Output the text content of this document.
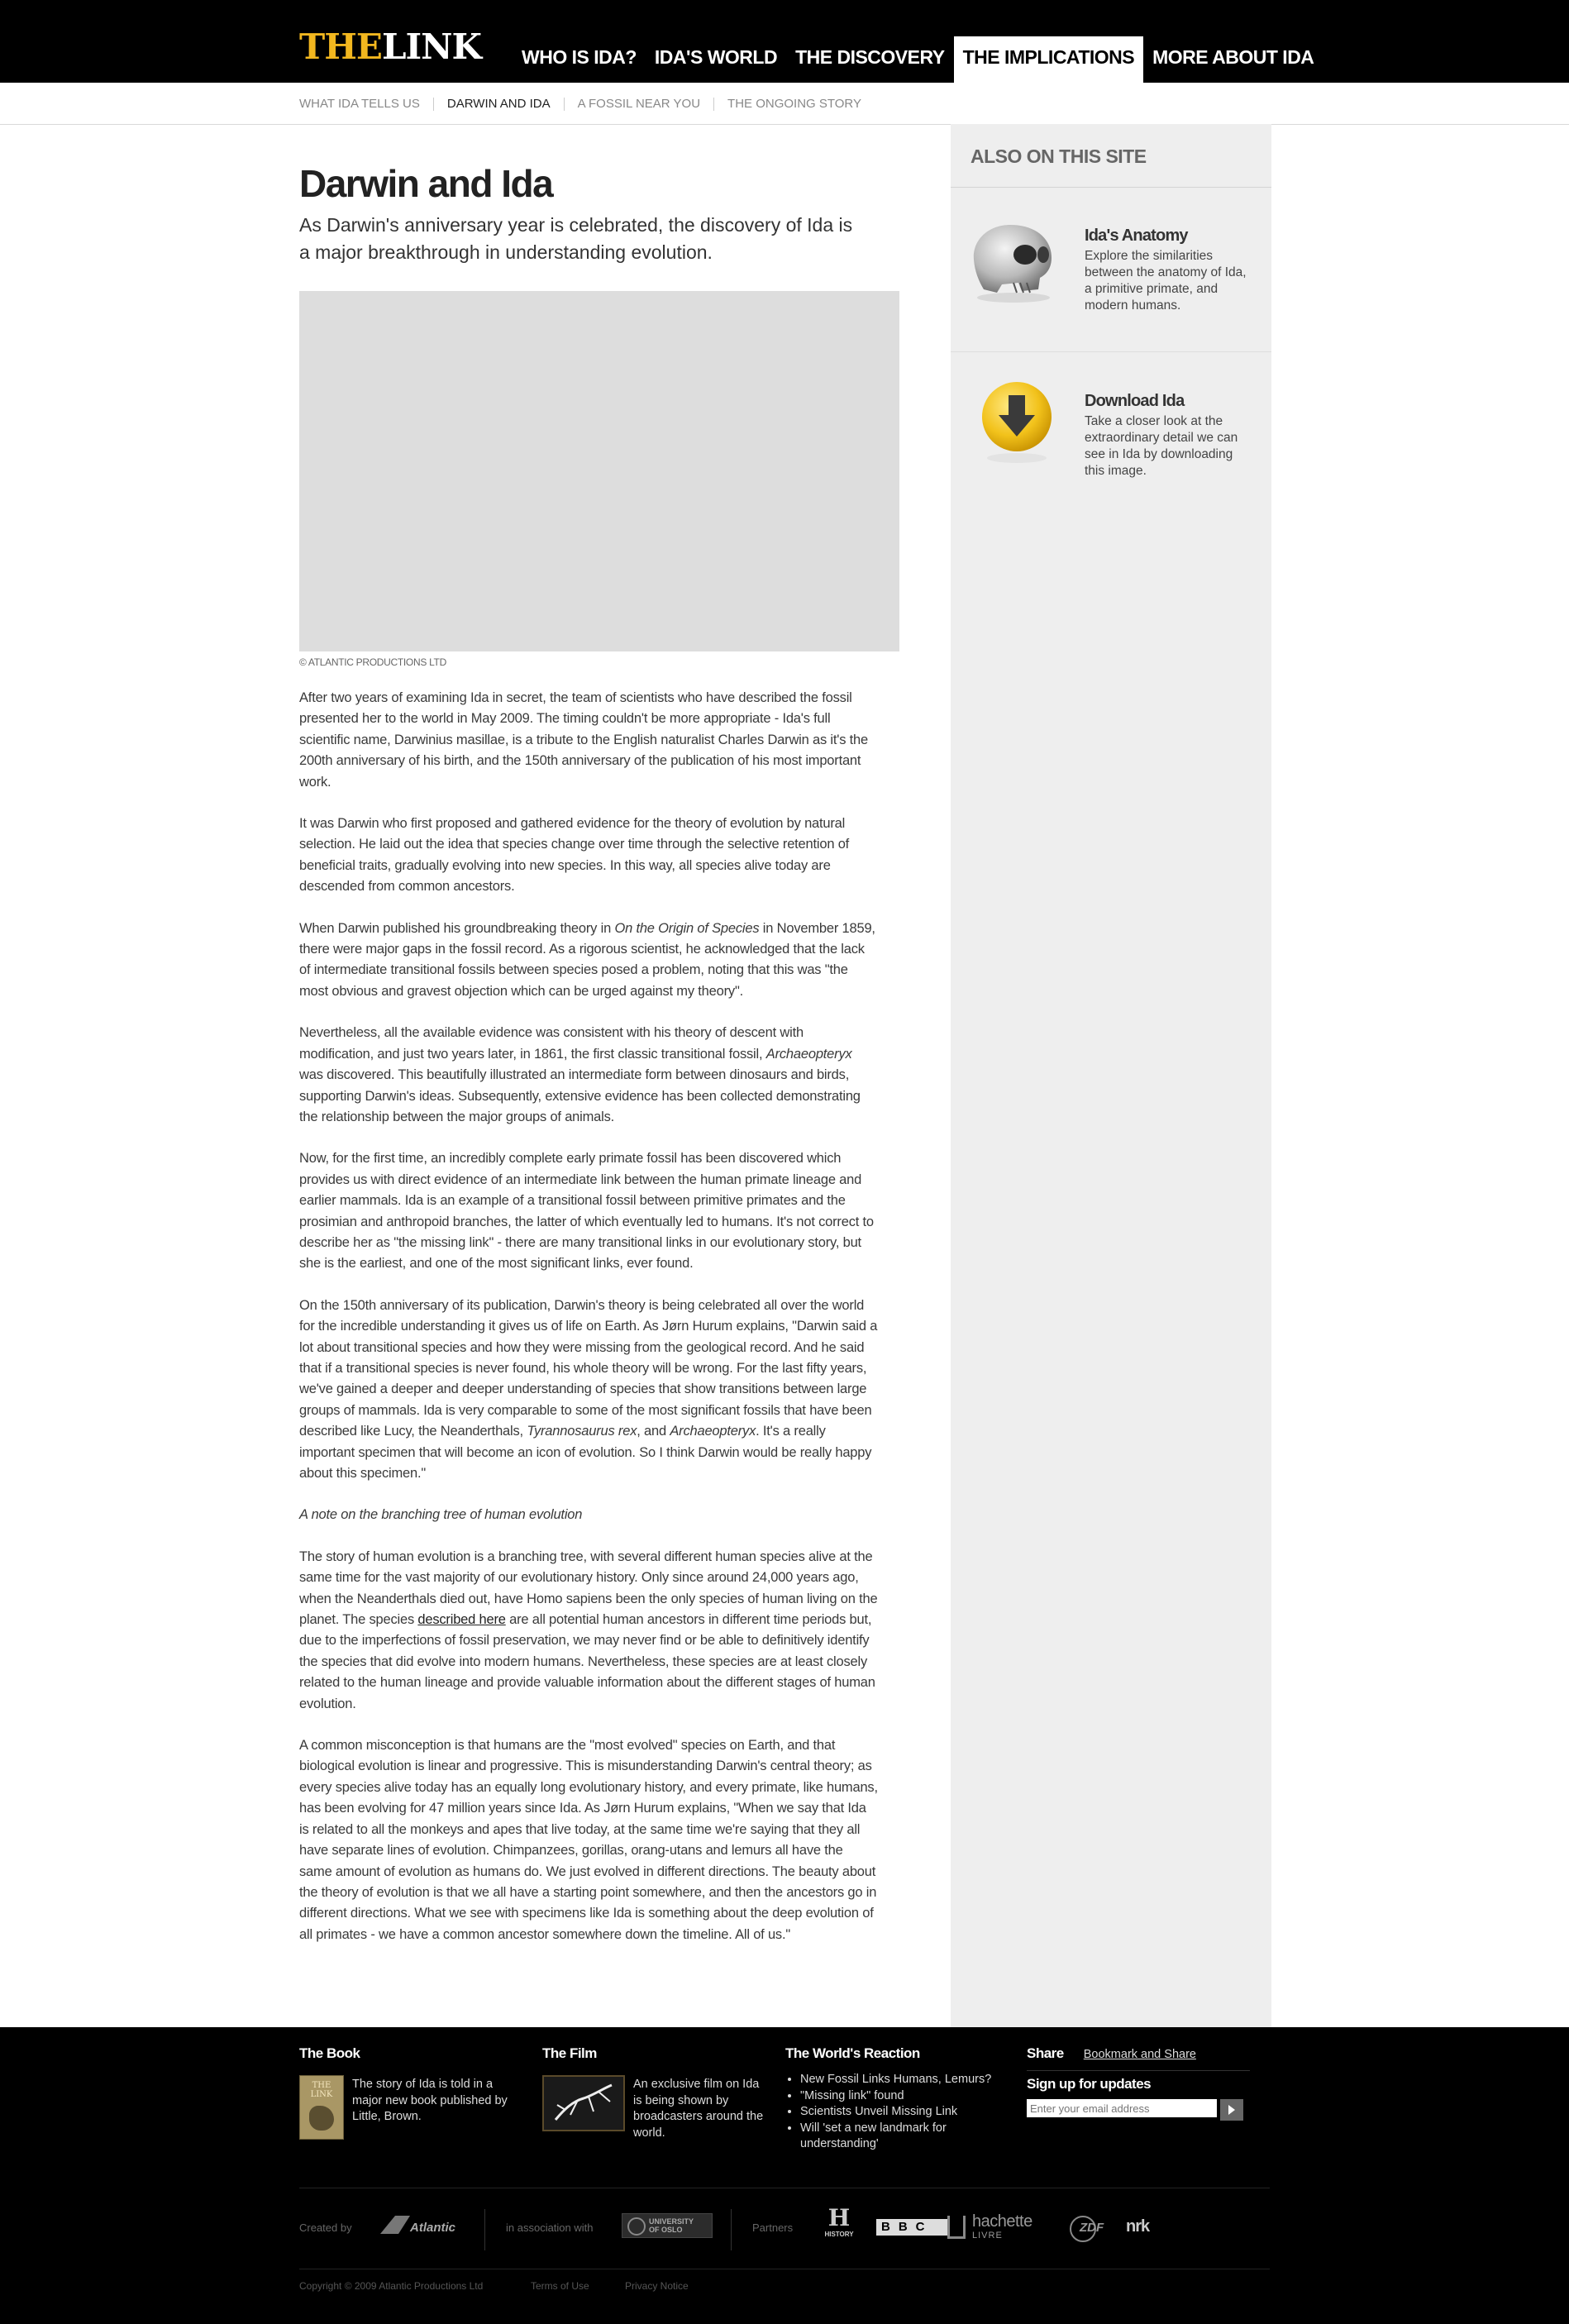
THELINK	WHO IS IDA? IDA'S WORLD THE DISCOVERY THE IMPLICATIONS MORE ABOUT IDA
WHAT IDA TELLS US	DARWIN AND IDA	A FOSSIL NEAR YOU	THE ONGOING STORY
Darwin and Ida

As Darwin's anniversary year is celebrated, the discovery of Ida is a major breakthrough in understanding evolution.

© ATLANTIC PRODUCTIONS LTD

After two years of examining Ida in secret, the team of scientists who have described the fossil presented her to the world in May 2009. The timing couldn't be more appropriate - Ida's full scientific name, Darwinius masillae, is a tribute to the English naturalist Charles Darwin as it's the 200th anniversary of his birth, and the 150th anniversary of the publication of his most important work.

It was Darwin who first proposed and gathered evidence for the theory of evolution by natural selection. He laid out the idea that species change over time through the selective retention of beneficial traits, gradually evolving into new species. In this way, all species alive today are descended from common ancestors.

When Darwin published his groundbreaking theory in On the Origin of Species in November 1859, there were major gaps in the fossil record. As a rigorous scientist, he acknowledged that the lack of intermediate transitional fossils between species posed a problem, noting that this was "the most obvious and gravest objection which can be urged against my theory".

Nevertheless, all the available evidence was consistent with his theory of descent with modification, and just two years later, in 1861, the first classic transitional fossil, Archaeopteryx was discovered. This beautifully illustrated an intermediate form between dinosaurs and birds, supporting Darwin's ideas. Subsequently, extensive evidence has been collected demonstrating the relationship between the major groups of animals.

Now, for the first time, an incredibly complete early primate fossil has been discovered which provides us with direct evidence of an intermediate link between the human primate lineage and earlier mammals. Ida is an example of a transitional fossil between primitive primates and the prosimian and anthropoid branches, the latter of which eventually led to humans. It's not correct to describe her as "the missing link" - there are many transitional links in our evolutionary story, but she is the earliest, and one of the most significant links, ever found.

On the 150th anniversary of its publication, Darwin's theory is being celebrated all over the world for the incredible understanding it gives us of life on Earth. As Jørn Hurum explains, "Darwin said a lot about transitional species and how they were missing from the geological record. And he said that if a transitional species is never found, his whole theory will be wrong. For the last fifty years, we've gained a deeper and deeper understanding of species that show transitions between large groups of mammals. Ida is very comparable to some of the most significant fossils that have been described like Lucy, the Neanderthals, Tyrannosaurus rex, and Archaeopteryx. It's a really important specimen that will become an icon of evolution. So I think Darwin would be really happy about this specimen."

A note on the branching tree of human evolution

The story of human evolution is a branching tree, with several different human species alive at the same time for the vast majority of our evolutionary history. Only since around 24,000 years ago, when the Neanderthals died out, have Homo sapiens been the only species of human living on the planet. The species described here are all potential human ancestors in different time periods but, due to the imperfections of fossil preservation, we may never find or be able to definitively identify the species that did evolve into modern humans. Nevertheless, these species are at least closely related to the human lineage and provide valuable information about the different stages of human evolution.

A common misconception is that humans are the "most evolved" species on Earth, and that biological evolution is linear and progressive. This is misunderstanding Darwin's central theory; as every species alive today has an equally long evolutionary history, and every primate, like humans, has been evolving for 47 million years since Ida. As Jørn Hurum explains, "When we say that Ida is related to all the monkeys and apes that live today, at the same time we're saying that they all have separate lines of evolution. Chimpanzees, gorillas, orang-utans and lemurs all have the same amount of evolution as humans do. We just evolved in different directions. The beauty about the theory of evolution is that we all have a starting point somewhere, and then the ancestors go in different directions. What we see with specimens like Ida is something about the deep evolution of all primates - we have a common ancestor somewhere down the timeline. All of us."

ALSO ON THIS SITE
Ida's Anatomy
Explore the similarities between the anatomy of Ida, a primitive primate, and modern humans.
Download Ida
Take a closer look at the extraordinary detail we can see in Ida by downloading this image.
The Book
THE
LINK
The story of Ida is told in a major new book published by Little, Brown.
The Film
An exclusive film on Ida is being shown by broadcasters around the world.
The World's Reaction
• New Fossil Links Humans, Lemurs?
• "Missing link" found
• Scientists Unveil Missing Link
• Will 'set a new landmark for understanding'
Share Bookmark and Share
Sign up for updates
Enter your email address
Created by	Atlantic	in association with	UNIVERSITY
OF OSLO	Partners	H
HISTORY
BBC	hachette
LIVRE
ZDF nrk
Copyright © 2009 Atlantic Productions Ltd	Terms of Use	Privacy Notice
